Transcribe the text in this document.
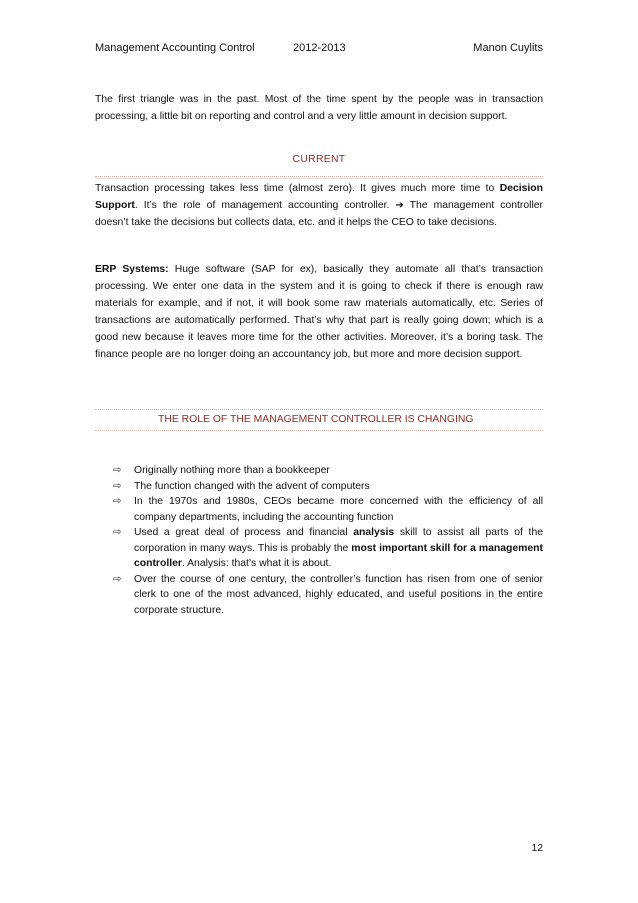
Management Accounting Control	2012-2013	Manon Cuylits

The first triangle was in the past. Most of the time spent by the people was in transaction processing, a little bit on reporting and control and a very little amount in decision support.

CURRENT

Transaction processing takes less time (almost zero). It gives much more time to Decision Support. It’s the role of management accounting controller. ➔ The management controller doesn’t take the decisions but collects data, etc. and it helps the CEO to take decisions.

ERP Systems: Huge software (SAP for ex), basically they automate all that’s transaction processing. We enter one data in the system and it is going to check if there is enough raw materials for example, and if not, it will book some raw materials automatically, etc. Series of transactions are automatically performed. That’s why that part is really going down; which is a good new because it leaves more time for the other activities. Moreover, it’s a boring task. The finance people are no longer doing an accountancy job, but more and more decision support.

THE ROLE OF THE MANAGEMENT CONTROLLER IS CHANGING
⇨ Originally nothing more than a bookkeeper
⇨ The function changed with the advent of computers
⇨ In the 1970s and 1980s, CEOs became more concerned with the efficiency of all company departments, including the accounting function
⇨ Used a great deal of process and financial analysis skill to assist all parts of the corporation in many ways. This is probably the most important skill for a management controller. Analysis: that’s what it is about.
⇨ Over the course of one century, the controller’s function has risen from one of senior clerk to one of the most advanced, highly educated, and useful positions in the entire corporate structure.
12
